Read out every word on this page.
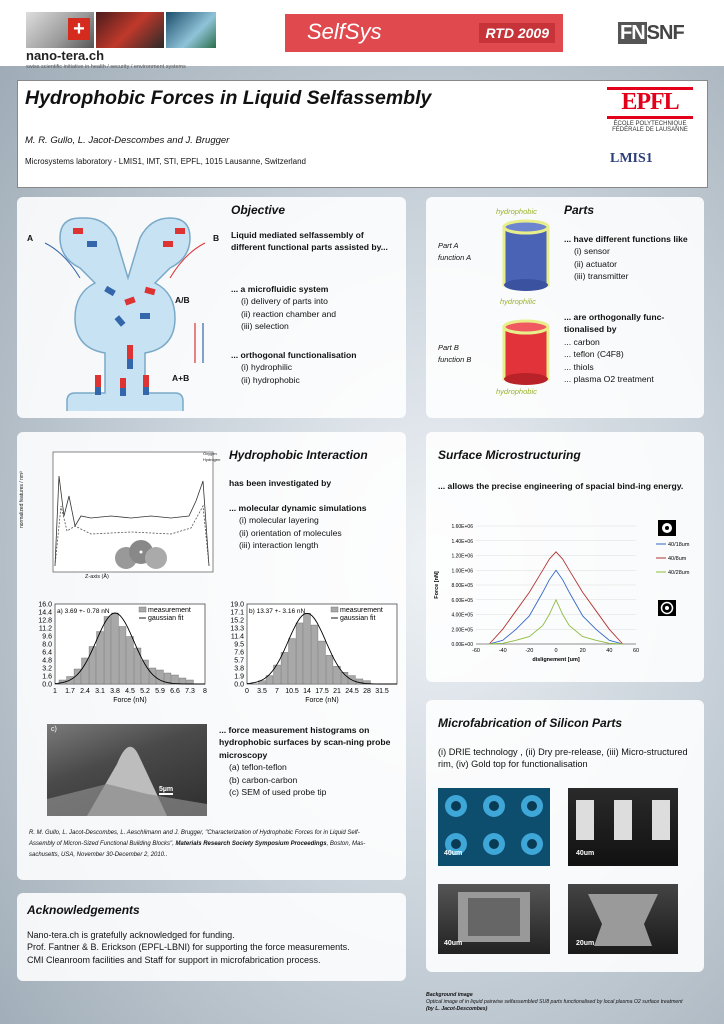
+
nano-tera.ch
swiss scientific initiative in health / security / environment systems
SelfSys	RTD 2009	FN SNF
Hydrophobic Forces in Liquid Selfassembly
M. R. Gullo, L. Jacot-Descombes and J. Brugger
Microsystems laboratory - LMIS1, IMT, STI, EPFL, 1015 Lausanne, Switzerland
EPFL
ÉCOLE POLYTECHNIQUE
FÉDÉRALE DE LAUSANNE
LMIS1
A	B
A/B
A+B
Objective
Liquid mediated selfassembly of different functional parts assisted by...
... a microfluidic system
(i) delivery of parts into
(ii) reaction chamber and
(iii) selection
... orthogonal functionalisation
(i) hydrophilic
(ii) hydrophobic
hydrophobic
hydrophilic
hydrophobic
Part A
function A
Part B
function B
Parts
... have different functions like
(i) sensor
(ii) actuator
(iii) transmitter
... are orthogonally func-tionalised by
... carbon
... teflon (C4F8)
... thiols
... plasma O2 treatment
Z-axis (Å)
normalized features / nm³
Oxygen
Hydrogen
16.0
14.4
12.8
11.2
9.6
8.0
6.4
4.8
3.2
1.6
0.0
1 1.7 2.4 3.1 3.8 4.5 5.2 5.9 6.6 7.3 8
Force (nN)
a) 3.69 +- 0.78 nN	measurement
gaussian fit
19.0
17.1
15.2
13.3
11.4
9.5
7.6
5.7
3.8
1.9
0.0
0 3.5 7 10.5 14 17.5 21 24.5 28 31.5
Force (nN)
b) 13.37 +- 3.16 nN	measurement
gaussian fit
Hydrophobic Interaction
has been investigated by
... molecular dynamic simulations
(i) molecular layering
(ii) orientation of molecules
(iii) interaction length
c)
5µm
... force measurement histograms on hydrophobic surfaces by scan-ning probe microscopy
(a) teflon-teflon
(b) carbon-carbon
(c) SEM of used probe tip
R. M. Gullo, L. Jacot-Descombes, L. Aeschlimann and J. Brugger, "Characterization of Hydrophobic Forces for in Liquid Self-
Assembly of Micron-Sized Functional Building Blocks", Materials Research Society Symposium Proceedings, Boston, Mas-
sachusetts, USA, November 30-December 2, 2010..
Surface Microstructuring
... allows the precise engineering of spacial bind-ing energy.
1.60E+06
1.40E+06
1.20E+06
1.00E+06
8.00E+05
6.00E+05
4.00E+05
2.00E+05
0.00E+00
-60	-40	-20	0	20	40	60
dislignement [um]
Force [nN]
40/18um
40/8um
40/28um
Microfabrication of Silicon Parts
(i) DRIE technology , (ii) Dry pre-release, (iii) Micro-structured rim, (iv) Gold top for functionalisation
40um	40um
40um	20um
Acknowledgements
Nano-tera.ch is gratefully acknowledged for funding.
Prof. Fantner & B. Erickson (EPFL-LBNI) for supporting the force measurements.
CMI Cleanroom facilities and Staff for support in microfabrication process.
Background image
Optical image of in liquid pairwise selfassembled SU8 parts functionalised by local plasma O2 surface treatment
(by L. Jacot-Descombes)
